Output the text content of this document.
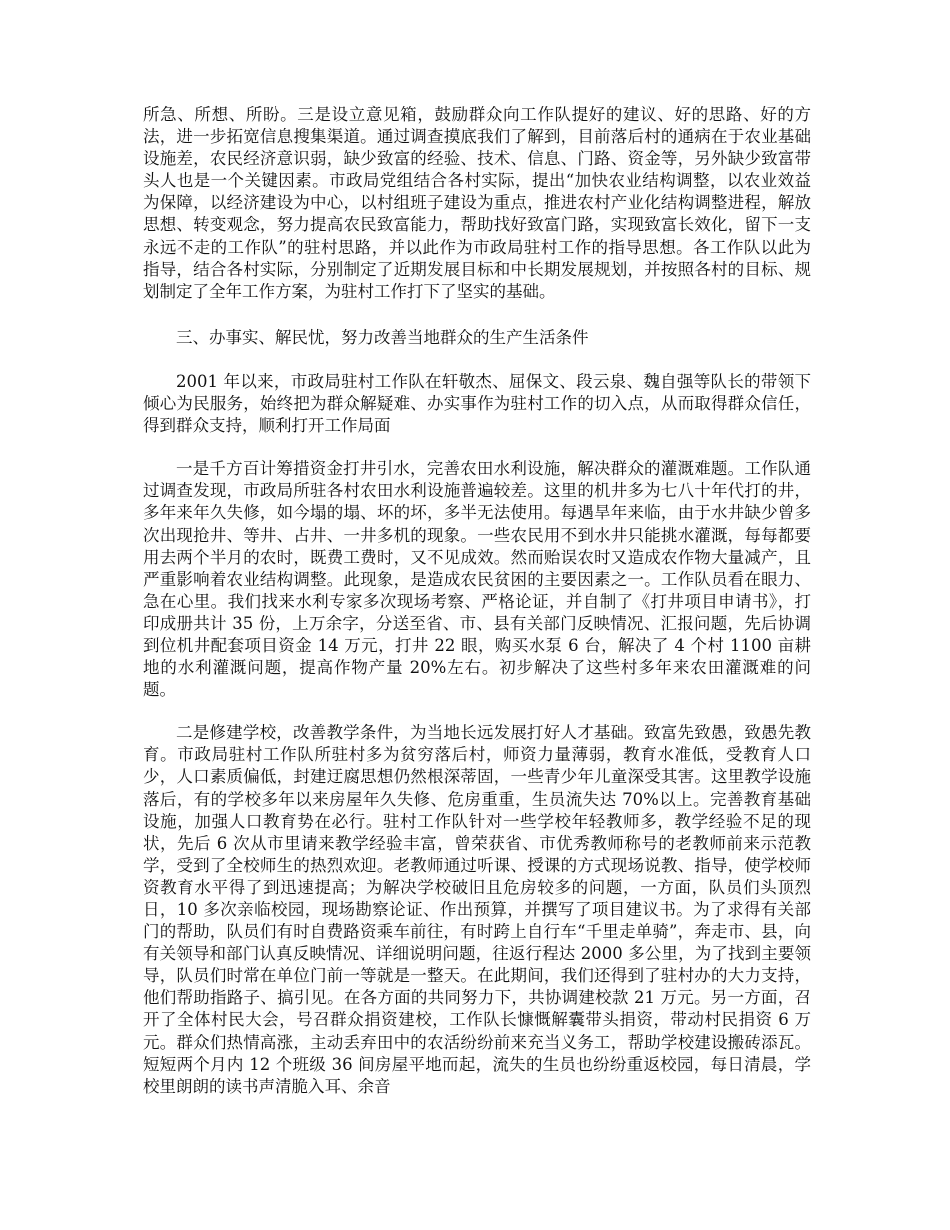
所急、所想、所盼。三是设立意见箱，鼓励群众向工作队提好的建议、好的思路、好的方法，进一步拓宽信息搜集渠道。通过调查摸底我们了解到，目前落后村的通病在于农业基础设施差，农民经济意识弱，缺少致富的经验、技术、信息、门路、资金等，另外缺少致富带头人也是一个关键因素。市政局党组结合各村实际，提出“加快农业结构调整，以农业效益为保障，以经济建设为中心，以村组班子建设为重点，推进农村产业化结构调整进程，解放思想、转变观念，努力提高农民致富能力，帮助找好致富门路，实现致富长效化，留下一支永远不走的工作队”的驻村思路，并以此作为市政局驻村工作的指导思想。各工作队以此为指导，结合各村实际，分别制定了近期发展目标和中长期发展规划，并按照各村的目标、规划制定了全年工作方案，为驻村工作打下了坚实的基础。

三、办事实、解民忧，努力改善当地群众的生产生活条件

2001 年以来，市政局驻村工作队在轩敬杰、屈保文、段云泉、魏自强等队长的带领下倾心为民服务，始终把为群众解疑难、办实事作为驻村工作的切入点，从而取得群众信任，得到群众支持，顺利打开工作局面

一是千方百计筹措资金打井引水，完善农田水利设施，解决群众的灌溉难题。工作队通过调查发现，市政局所驻各村农田水利设施普遍较差。这里的机井多为七八十年代打的井，多年来年久失修，如今塌的塌、坏的坏，多半无法使用。每遇旱年来临，由于水井缺少曾多次出现抢井、等井、占井、一井多机的现象。一些农民用不到水井只能挑水灌溉，每每都要用去两个半月的农时，既费工费时，又不见成效。然而贻误农时又造成农作物大量减产，且严重影响着农业结构调整。此现象，是造成农民贫困的主要因素之一。工作队员看在眼力、急在心里。我们找来水利专家多次现场考察、严格论证，并自制了《打井项目申请书》，打印成册共计 35 份，上万余字，分送至省、市、县有关部门反映情况、汇报问题，先后协调到位机井配套项目资金 14 万元，打井 22 眼，购买水泵 6 台，解决了 4 个村 1100 亩耕地的水利灌溉问题，提高作物产量 20%左右。初步解决了这些村多年来农田灌溉难的问题。

二是修建学校，改善教学条件，为当地长远发展打好人才基础。致富先致愚，致愚先教育。市政局驻村工作队所驻村多为贫穷落后村，师资力量薄弱，教育水准低，受教育人口少，人口素质偏低，封建迂腐思想仍然根深蒂固，一些青少年儿童深受其害。这里教学设施落后，有的学校多年以来房屋年久失修、危房重重，生员流失达 70%以上。完善教育基础设施，加强人口教育势在必行。驻村工作队针对一些学校年轻教师多，教学经验不足的现状，先后 6 次从市里请来教学经验丰富，曾荣获省、市优秀教师称号的老教师前来示范教学，受到了全校师生的热烈欢迎。老教师通过听课、授课的方式现场说教、指导，使学校师资教育水平得了到迅速提高；为解决学校破旧且危房较多的问题，一方面，队员们头顶烈日，10 多次亲临校园，现场勘察论证、作出预算，并撰写了项目建议书。为了求得有关部门的帮助，队员们有时自费路资乘车前往，有时跨上自行车“千里走单骑”，奔走市、县，向有关领导和部门认真反映情况、详细说明问题，往返行程达 2000 多公里，为了找到主要领导，队员们时常在单位门前一等就是一整天。在此期间，我们还得到了驻村办的大力支持，他们帮助指路子、搞引见。在各方面的共同努力下，共协调建校款 21 万元。另一方面，召开了全体村民大会，号召群众捐资建校，工作队长慷慨解囊带头捐资，带动村民捐资 6 万元。群众们热情高涨，主动丢弃田中的农活纷纷前来充当义务工，帮助学校建设搬砖添瓦。短短两个月内 12 个班级 36 间房屋平地而起，流失的生员也纷纷重返校园，每日清晨，学校里朗朗的读书声清脆入耳、余音
